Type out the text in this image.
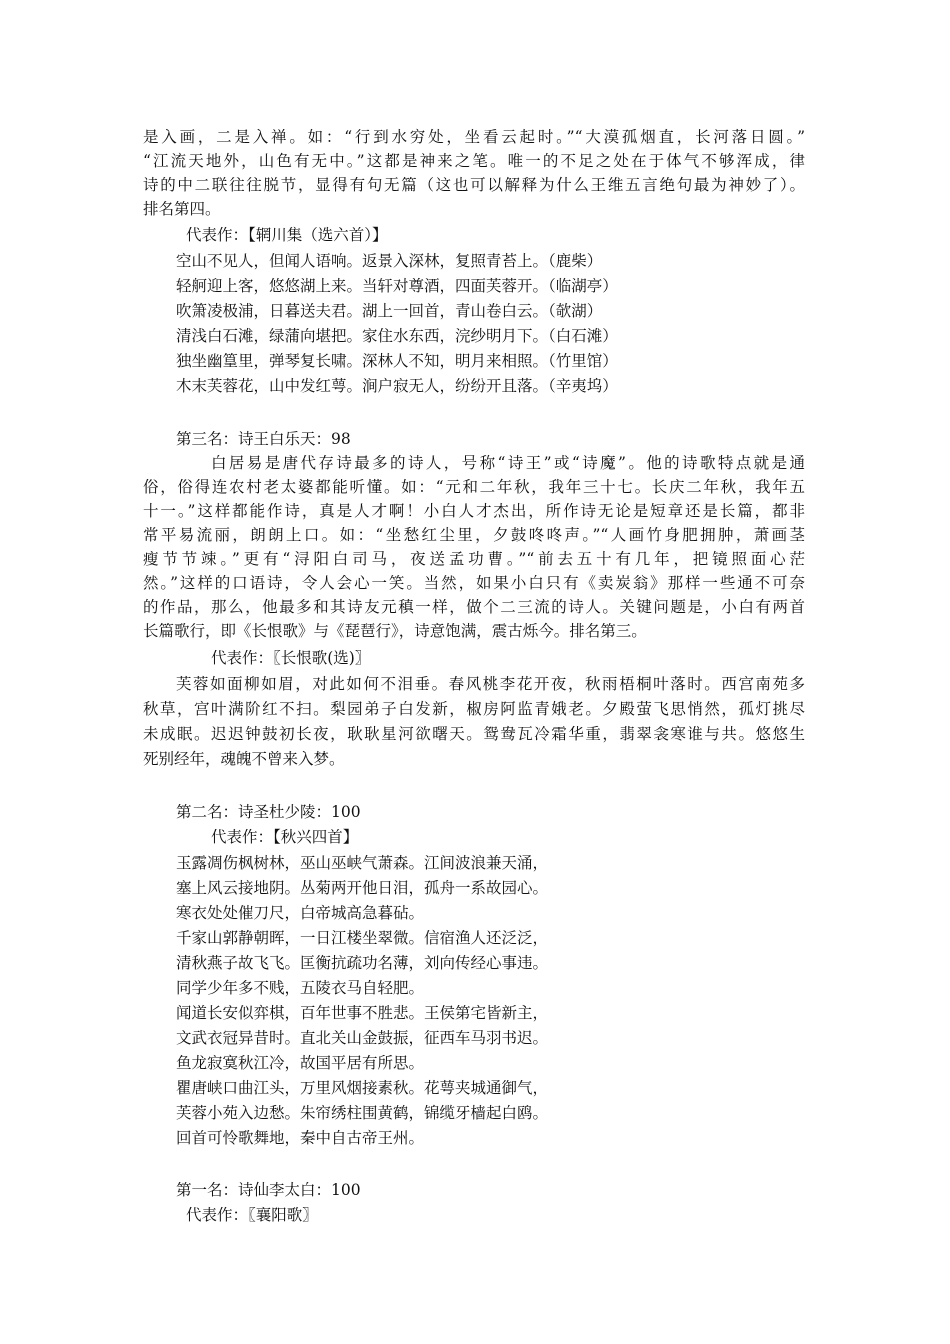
是入画，二是入禅。如：“行到水穷处，坐看云起时。”“大漠孤烟直，长河落日圆。”
“江流天地外，山色有无中。”这都是神来之笔。唯一的不足之处在于体气不够浑成，律
诗的中二联往往脱节，显得有句无篇（这也可以解释为什么王维五言绝句最为神妙了）。
排名第四。
代表作：【辋川集（选六首）】
空山不见人，但闻人语响。返景入深林，复照青苔上。（鹿柴）
轻舸迎上客，悠悠湖上来。当轩对尊酒，四面芙蓉开。（临湖亭）
吹箫凌极浦，日暮送夫君。湖上一回首，青山卷白云。（欹湖）
清浅白石滩，绿蒲向堪把。家住水东西，浣纱明月下。（白石滩）
独坐幽篁里，弹琴复长啸。深林人不知，明月来相照。（竹里馆）
木末芙蓉花，山中发红萼。涧户寂无人，纷纷开且落。（辛夷坞）
第三名：诗王白乐天：98
白居易是唐代存诗最多的诗人，号称“诗王”或“诗魔”。他的诗歌特点就是通
俗，俗得连农村老太婆都能听懂。如：“元和二年秋，我年三十七。长庆二年秋，我年五
十一。”这样都能作诗，真是人才啊！小白人才杰出，所作诗无论是短章还是长篇，都非
常平易流丽，朗朗上口。如：“坐愁红尘里，夕鼓咚咚声。”“人画竹身肥拥肿，萧画茎
瘦节节竦。”更有“浔阳白司马，夜送孟功曹。”“前去五十有几年，把镜照面心茫
然。”这样的口语诗，令人会心一笑。当然，如果小白只有《卖炭翁》那样一些通不可奈
的作品，那么，他最多和其诗友元稹一样，做个二三流的诗人。关键问题是，小白有两首
长篇歌行，即《长恨歌》与《琵琶行》，诗意饱满，震古烁今。排名第三。
代表作：〖长恨歌(选)〗
芙蓉如面柳如眉，对此如何不泪垂。春风桃李花开夜，秋雨梧桐叶落时。西宫南苑多
秋草，宫叶满阶红不扫。梨园弟子白发新，椒房阿监青娥老。夕殿萤飞思悄然，孤灯挑尽
未成眠。迟迟钟鼓初长夜，耿耿星河欲曙天。鸳鸯瓦冷霜华重，翡翠衾寒谁与共。悠悠生
死别经年，魂魄不曾来入梦。
第二名：诗圣杜少陵：100
代表作：【秋兴四首】
玉露凋伤枫树林，巫山巫峡气萧森。江间波浪兼天涌，
塞上风云接地阴。丛菊两开他日泪，孤舟一系故园心。
寒衣处处催刀尺，白帝城高急暮砧。
千家山郭静朝晖，一日江楼坐翠微。信宿渔人还泛泛，
清秋燕子故飞飞。匡衡抗疏功名薄，刘向传经心事违。
同学少年多不贱，五陵衣马自轻肥。
闻道长安似弈棋，百年世事不胜悲。王侯第宅皆新主，
文武衣冠异昔时。直北关山金鼓振，征西车马羽书迟。
鱼龙寂寞秋江冷，故国平居有所思。
瞿唐峡口曲江头，万里风烟接素秋。花萼夹城通御气，
芙蓉小苑入边愁。朱帘绣柱围黄鹤，锦缆牙樯起白鸥。
回首可怜歌舞地，秦中自古帝王州。
第一名：诗仙李太白：100
代表作：〖襄阳歌〗
